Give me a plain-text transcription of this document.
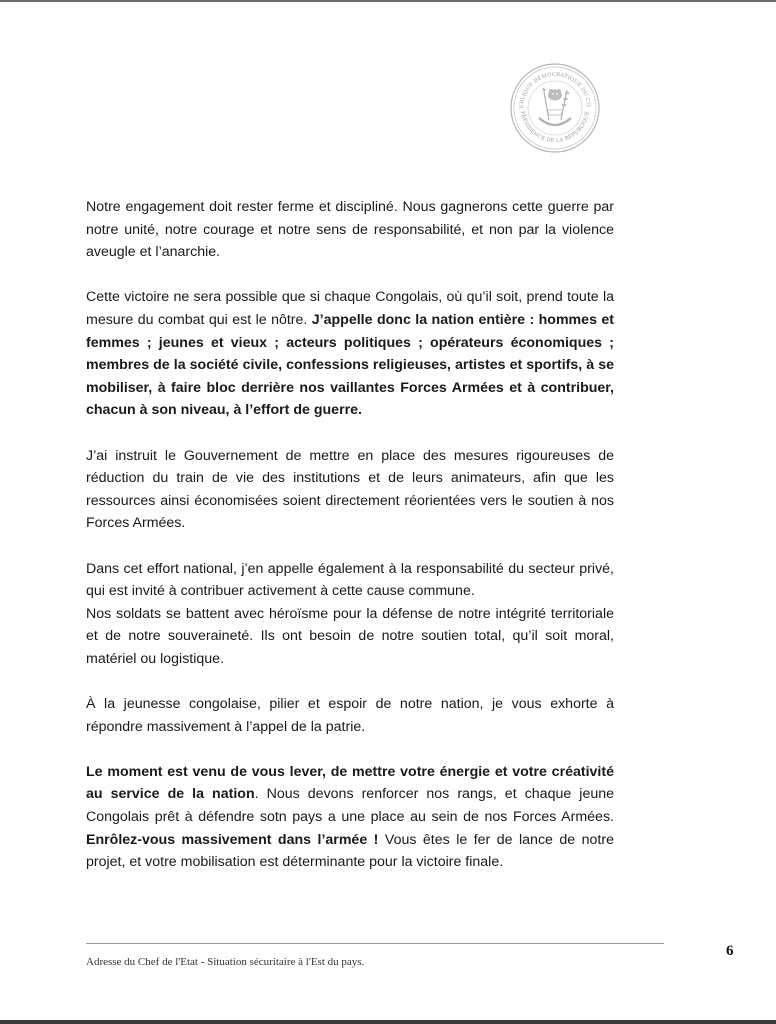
UBLIQUE DÉMOCRATIQUE DU CO
PRÉSIDENCE DE LA RÉPUBLIQUE

Notre engagement doit rester ferme et discipliné. Nous gagnerons cette guerre par notre unité, notre courage et notre sens de responsabilité, et non par la violence aveugle et l’anarchie.

Cette victoire ne sera possible que si chaque Congolais, où qu’il soit, prend toute la mesure du combat qui est le nôtre. J’appelle donc la nation entière : hommes et femmes ; jeunes et vieux ; acteurs politiques ; opérateurs économiques ; membres de la société civile, confessions religieuses, artistes et sportifs, à se mobiliser, à faire bloc derrière nos vaillantes Forces Armées et à contribuer, chacun à son niveau, à l’effort de guerre.

J’ai instruit le Gouvernement de mettre en place des mesures rigoureuses de réduction du train de vie des institutions et de leurs animateurs, afin que les ressources ainsi économisées soient directement réorientées vers le soutien à nos Forces Armées.

Dans cet effort national, j’en appelle également à la responsabilité du secteur privé, qui est invité à contribuer activement à cette cause commune.

Nos soldats se battent avec héroïsme pour la défense de notre intégrité territoriale et de notre souveraineté. Ils ont besoin de notre soutien total, qu’il soit moral, matériel ou logistique.

À la jeunesse congolaise, pilier et espoir de notre nation, je vous exhorte à répondre massivement à l’appel de la patrie.

Le moment est venu de vous lever, de mettre votre énergie et votre créativité au service de la nation. Nous devons renforcer nos rangs, et chaque jeune Congolais prêt à défendre sotn pays a une place au sein de nos Forces Armées. Enrôlez-vous massivement dans l’armée ! Vous êtes le fer de lance de notre projet, et votre mobilisation est déterminante pour la victoire finale.

Adresse du Chef de l'Etat - Situation sécuritaire à l'Est du pays.
6
